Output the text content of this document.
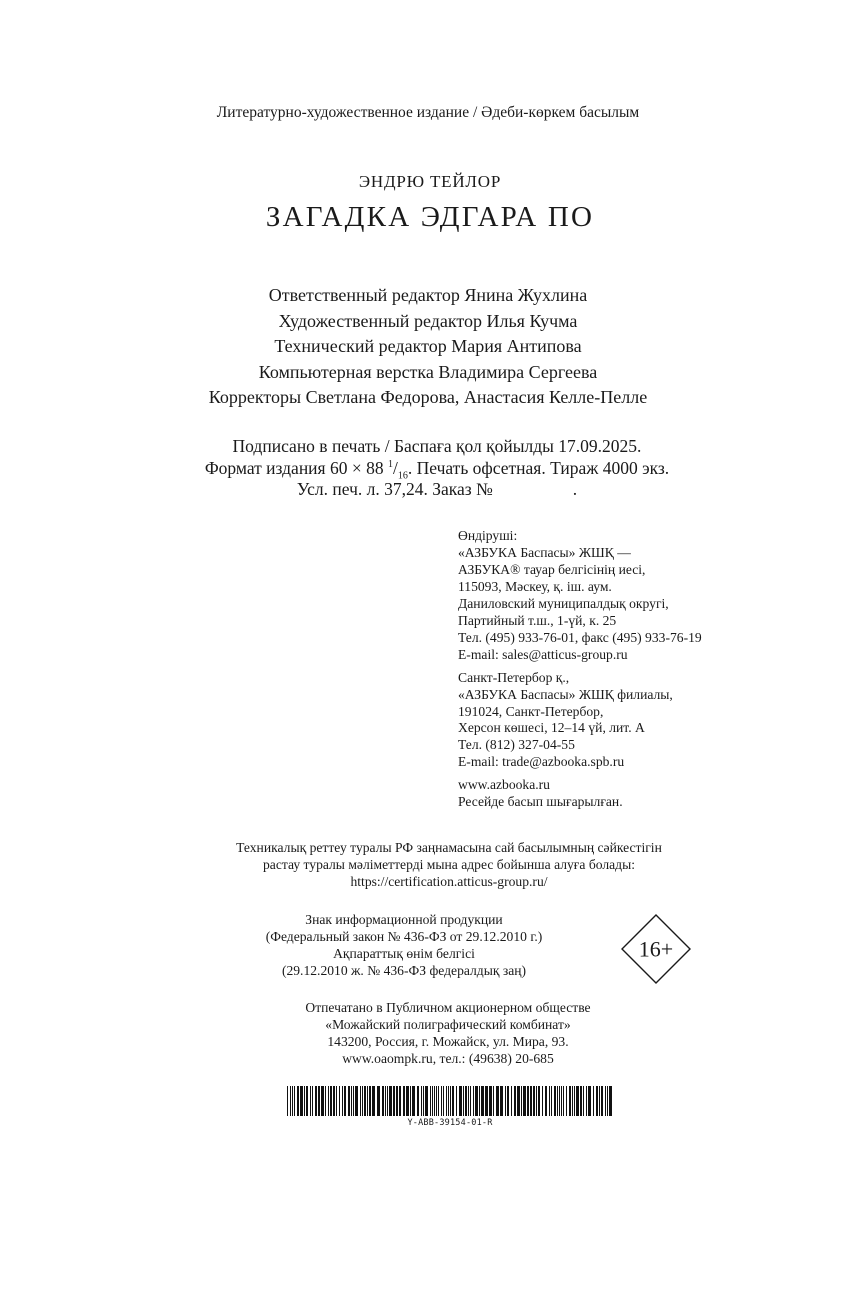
Литературно-художественное издание / Әдеби-көркем басылым
ЭНДРЮ ТЕЙЛОР
ЗАГАДКА ЭДГАРА ПО
Ответственный редактор Янина Жухлина
Художественный редактор Илья Кучма
Технический редактор Мария Антипова
Компьютерная верстка Владимира Сергеева
Корректоры Светлана Федорова, Анастасия Келле-Пелле
Подписано в печать / Баспаға қол қойылды 17.09.2025.
Формат издания 60 × 88 $^1/_{16}$. Печать офсетная. Тираж 4000 экз.
Усл. печ. л. 37,24. Заказ №	.
Өндіруші:
«АЗБУКА Баспасы» ЖШҚ —
АЗБУКА® тауар белгісінің иесі,
115093, Мәскеу, қ. іш. аум.
Даниловский муниципалдық округі,
Партийный т.ш., 1-үй, к. 25
Тел. (495) 933-76-01, факс (495) 933-76-19
E-mail: sales@atticus-group.ru
Санкт-Петербор қ.,
«АЗБУКА Баспасы» ЖШҚ филиалы,
191024, Санкт-Петербор,
Херсон көшесі, 12–14 үй, лит. А
Тел. (812) 327-04-55
E-mail: trade@azbooka.spb.ru
www.azbooka.ru
Ресейде басып шығарылған.
Техникалық реттеу туралы РФ заңнамасына сай басылымның сәйкестігін
растау туралы мәліметтерді мына адрес бойынша алуға болады:
https://certification.atticus-group.ru/
Знак информационной продукции
(Федеральный закон № 436-ФЗ от 29.12.2010 г.)
Ақпараттық өнім белгісі
(29.12.2010 ж. № 436-ФЗ федералдық заң)
16+
Отпечатано в Публичном акционерном обществе
«Можайский полиграфический комбинат»
143200, Россия, г. Можайск, ул. Мира, 93.
www.oaompk.ru, тел.: (49638) 20-685
Y-ABB-39154-01-R
